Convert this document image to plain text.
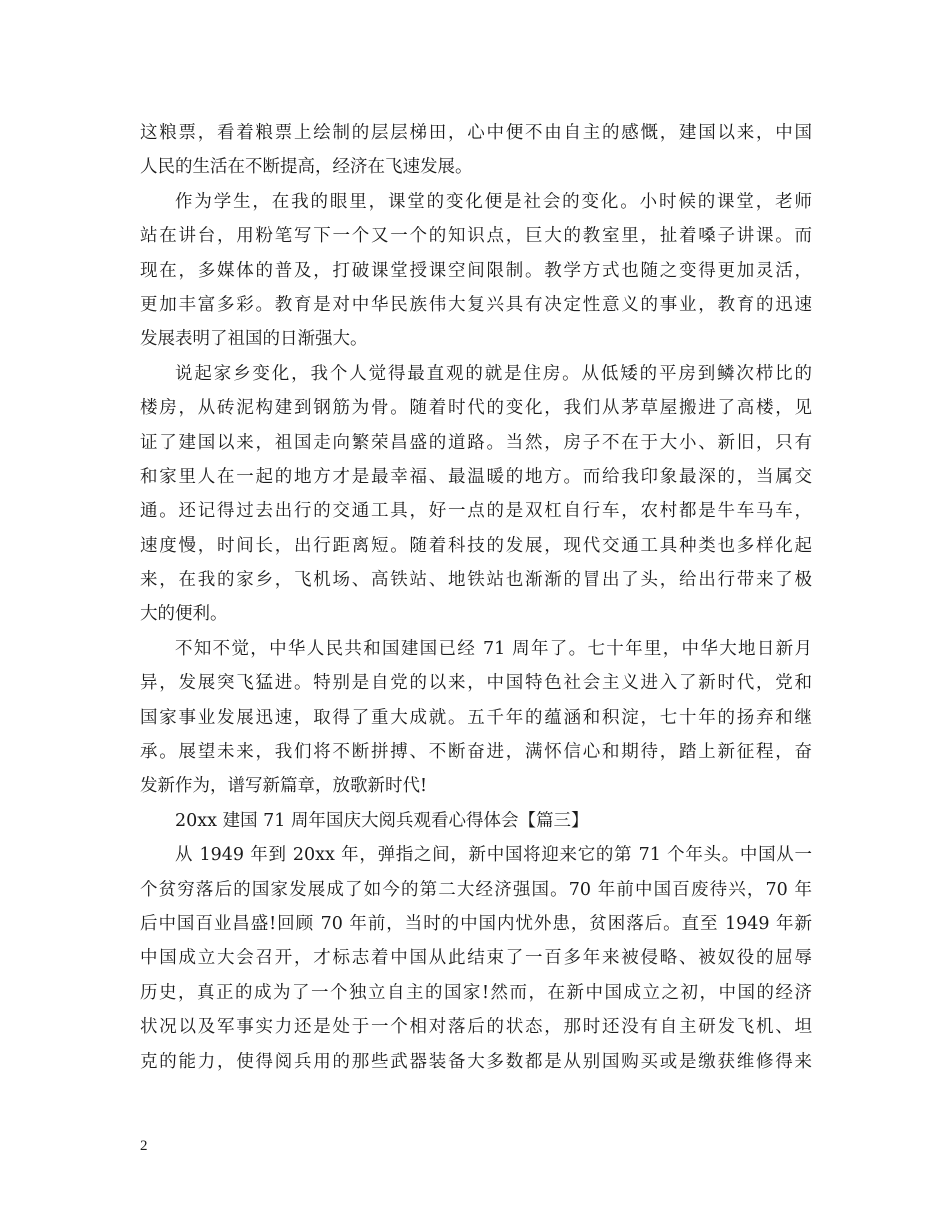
这粮票，看着粮票上绘制的层层梯田，心中便不由自主的感慨，建国以来，中国
人民的生活在不断提高，经济在飞速发展。
作为学生，在我的眼里，课堂的变化便是社会的变化。小时候的课堂，老师
站在讲台，用粉笔写下一个又一个的知识点，巨大的教室里，扯着嗓子讲课。而
现在，多媒体的普及，打破课堂授课空间限制。教学方式也随之变得更加灵活，
更加丰富多彩。教育是对中华民族伟大复兴具有决定性意义的事业，教育的迅速
发展表明了祖国的日渐强大。
说起家乡变化，我个人觉得最直观的就是住房。从低矮的平房到鳞次栉比的
楼房，从砖泥构建到钢筋为骨。随着时代的变化，我们从茅草屋搬进了高楼，见
证了建国以来，祖国走向繁荣昌盛的道路。当然，房子不在于大小、新旧，只有
和家里人在一起的地方才是最幸福、最温暖的地方。而给我印象最深的，当属交
通。还记得过去出行的交通工具，好一点的是双杠自行车，农村都是牛车马车，
速度慢，时间长，出行距离短。随着科技的发展，现代交通工具种类也多样化起
来，在我的家乡，飞机场、高铁站、地铁站也渐渐的冒出了头，给出行带来了极
大的便利。
不知不觉，中华人民共和国建国已经 71 周年了。七十年里，中华大地日新月
异，发展突飞猛进。特别是自党的以来，中国特色社会主义进入了新时代，党和
国家事业发展迅速，取得了重大成就。五千年的蕴涵和积淀，七十年的扬弃和继
承。展望未来，我们将不断拼搏、不断奋进，满怀信心和期待，踏上新征程，奋
发新作为，谱写新篇章，放歌新时代!
20xx 建国 71 周年国庆大阅兵观看心得体会【篇三】
从 1949 年到 20xx 年，弹指之间，新中国将迎来它的第 71 个年头。中国从一
个贫穷落后的国家发展成了如今的第二大经济强国。70 年前中国百废待兴，70 年
后中国百业昌盛!回顾 70 年前，当时的中国内忧外患，贫困落后。直至 1949 年新
中国成立大会召开，才标志着中国从此结束了一百多年来被侵略、被奴役的屈辱
历史，真正的成为了一个独立自主的国家!然而，在新中国成立之初，中国的经济
状况以及军事实力还是处于一个相对落后的状态，那时还没有自主研发飞机、坦
克的能力，使得阅兵用的那些武器装备大多数都是从别国购买或是缴获维修得来
2
